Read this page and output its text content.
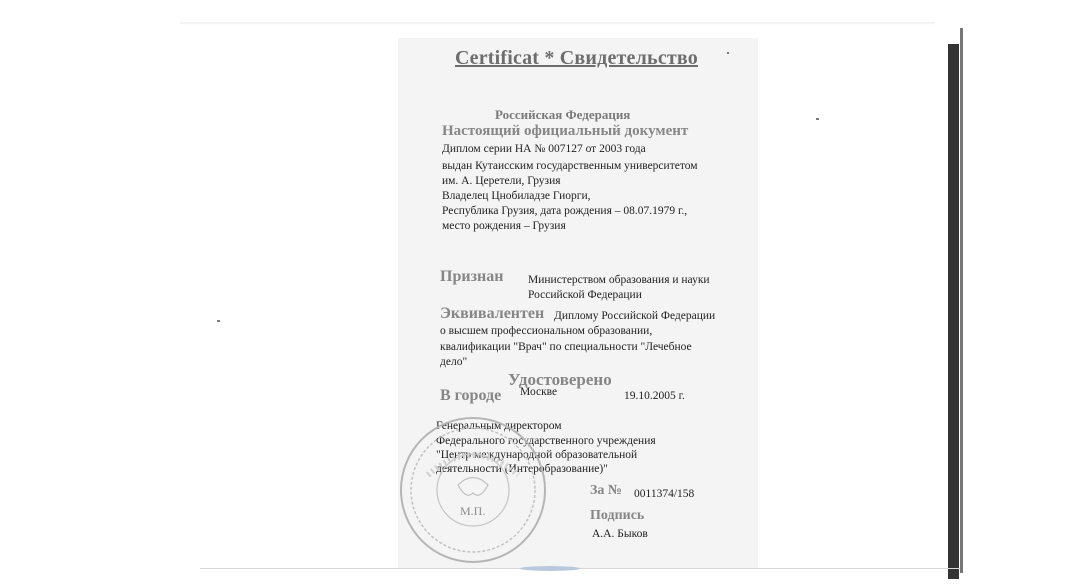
Certificat * Свидетельство
Российская Федерация
Настоящий официальный документ
Диплом серии НА № 007127 от 2003 года
выдан Кутаисским государственным университетом
им. А. Церетели, Грузия
Владелец Цнобиладзе Гиорги,
Республика Грузия, дата рождения – 08.07.1979 г.,
место рождения – Грузия
Признан Министерством образования и науки
Российской Федерации
Эквивалентен Диплому Российской Федерации
о высшем профессиональном образовании,
квалификации "Врач" по специальности "Лечебное
дело"
Удостоверено
В городе Москве	19.10.2005 г.
Генеральным директором
Федерального государственного учреждения
"Центр международной образовательной
деятельности (Интеробразование)"
М.П.
За № 0011374/158
Подпись
А.А. Быков
